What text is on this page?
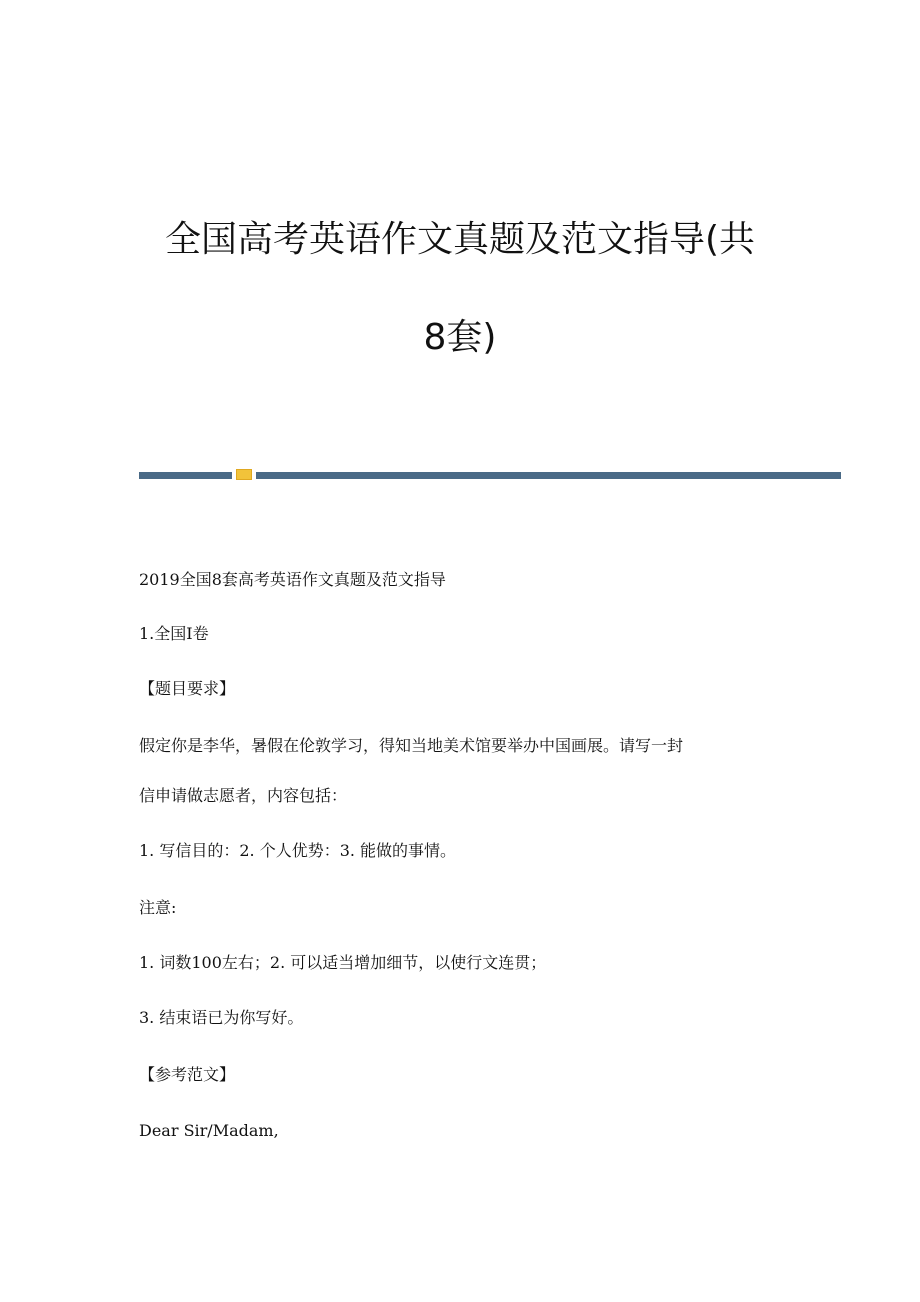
全国高考英语作文真题及范文指导(共
8套)
2019全国8套高考英语作文真题及范文指导
1.全国Ⅰ卷
【题目要求】
假定你是李华，暑假在伦敦学习，得知当地美术馆要举办中国画展。请写一封
信申请做志愿者，内容包括：
1. 写信目的：2. 个人优势：3. 能做的事情。
注意:
1. 词数100左右；2. 可以适当增加细节，以使行文连贯；
3. 结束语已为你写好。
【参考范文】
Dear Sir/Madam,
